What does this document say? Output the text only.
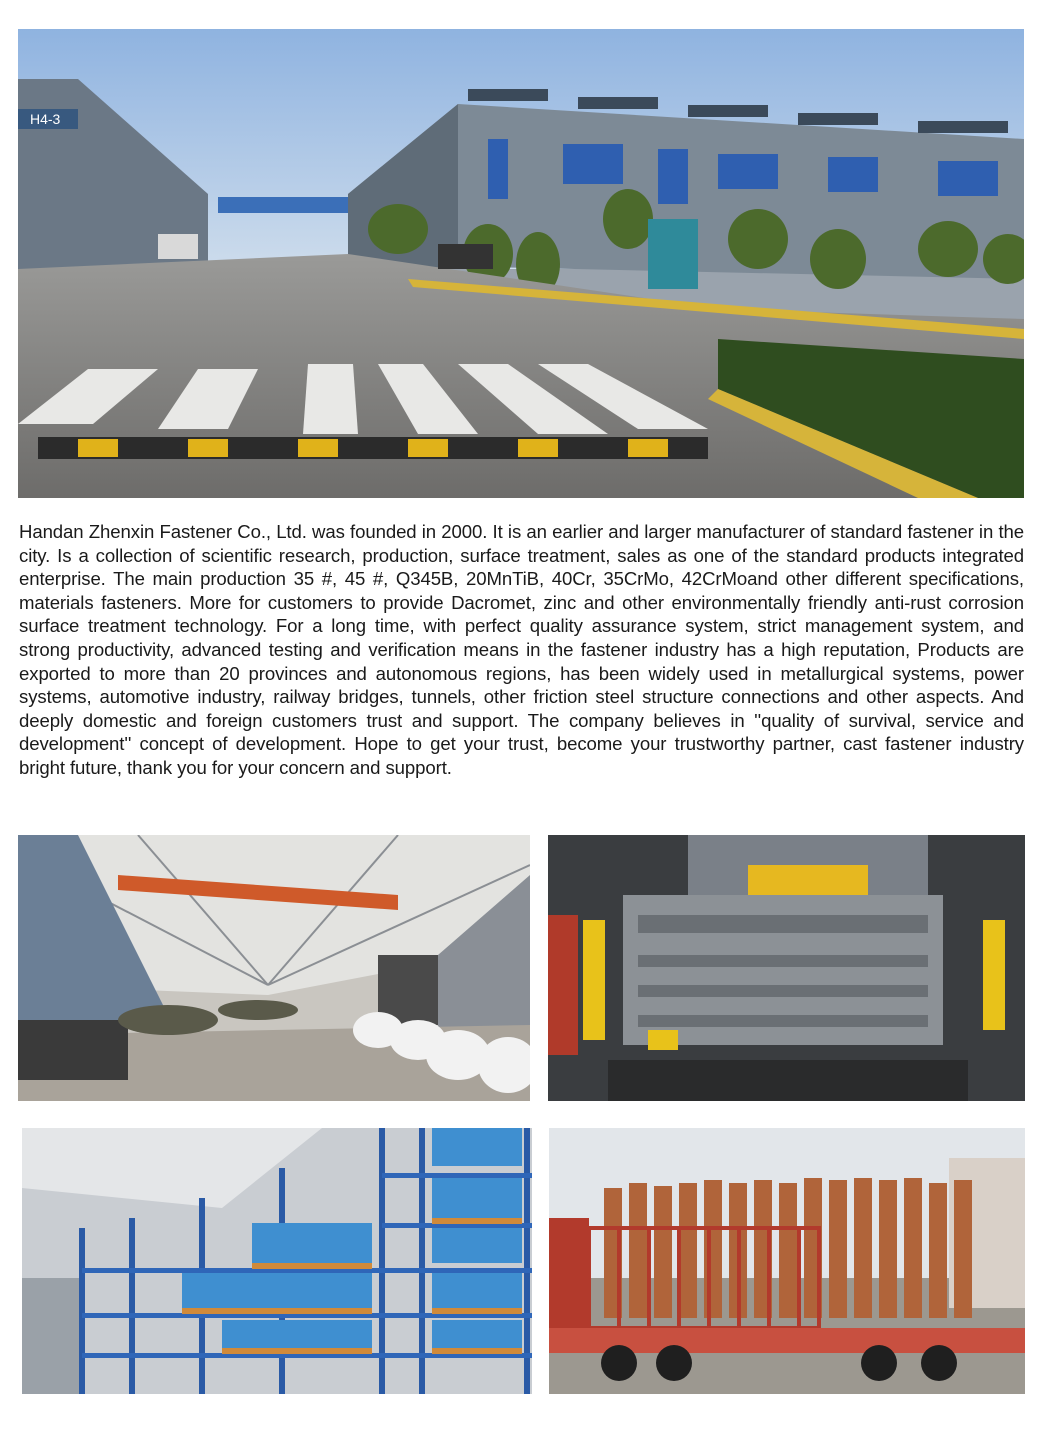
H4-3

Handan Zhenxin Fastener Co., Ltd. was founded in 2000. It is an earlier and larger manufacturer of standard fastener in the city. Is a collection of scientific research, production, surface treatment, sales as one of the standard products integrated enterprise. The main production 35 #, 45 #, Q345B, 20MnTiB, 40Cr, 35CrMo, 42CrMoand other different specifications, materials fasteners. More for customers to provide Dacromet, zinc and other environmentally friendly anti-rust corrosion surface treatment technology. For a long time, with perfect quality assurance system, strict management system, and strong productivity, advanced testing and verification means in the fastener industry has a high reputation, Products are exported to more than 20 provinces and autonomous regions, has been widely used in metallurgical systems, power systems, automotive industry, railway bridges, tunnels, other friction steel structure connections and other aspects. And deeply domestic and foreign customers trust and support. The company believes in ''quality of survival, service and development'' concept of development. Hope to get your trust, become your trustworthy partner, cast fastener industry bright future, thank you for your concern and support.
